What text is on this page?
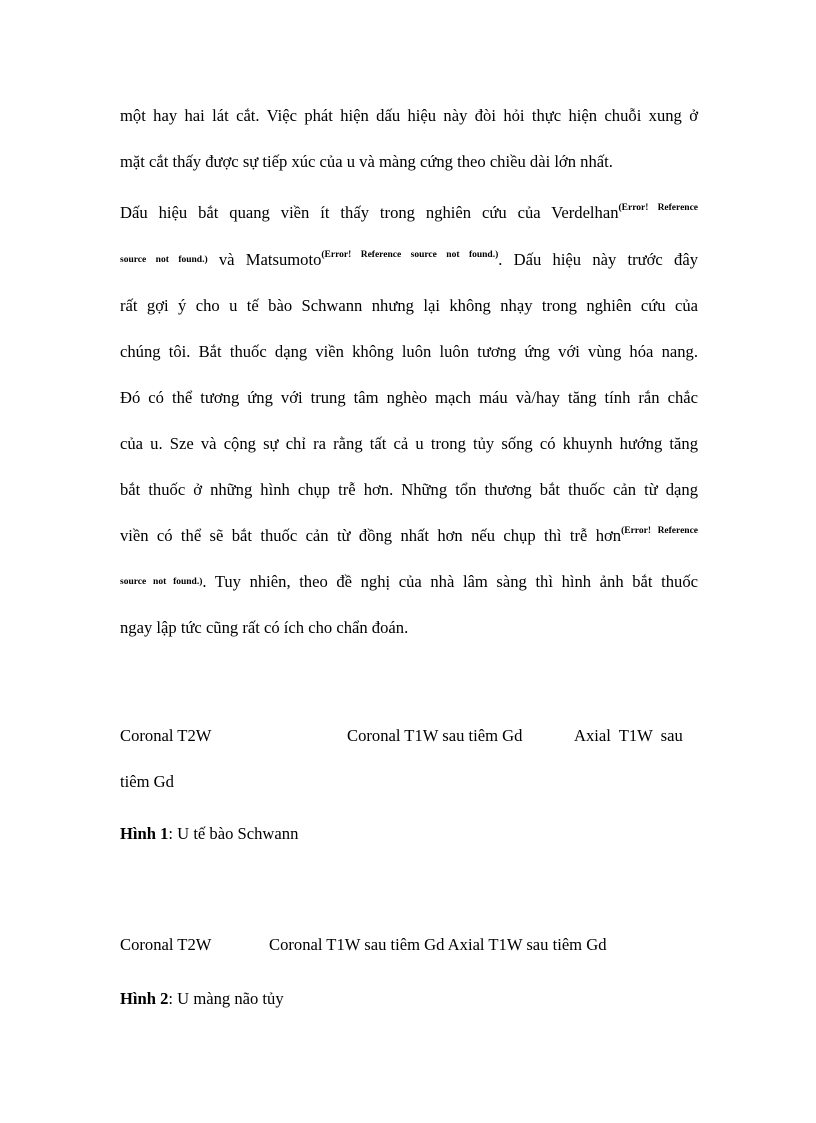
một hay hai lát cắt. Việc phát hiện dấu hiệu này đòi hỏi thực hiện chuỗi xung ở
mặt cắt thấy được sự tiếp xúc của u và màng cứng theo chiều dài lớn nhất.
Dấu hiệu bắt quang viền ít thấy trong nghiên cứu của Verdelhan$^{(Error! Reference}$
source not found.) và Matsumoto$^{(Error! Reference source not found.)}$. Dấu hiệu này trước đây
rất gợi ý cho u tế bào Schwann nhưng lại không nhạy trong nghiên cứu của
chúng tôi. Bắt thuốc dạng viền không luôn luôn tương ứng với vùng hóa nang.
Đó có thể tương ứng với trung tâm nghèo mạch máu và/hay tăng tính rắn chắc
của u. Sze và cộng sự chỉ ra rằng tất cả u trong tủy sống có khuynh hướng tăng
bắt thuốc ở những hình chụp trễ hơn. Những tổn thương bắt thuốc cản từ dạng
viền có thể sẽ bắt thuốc cản từ đồng nhất hơn nếu chụp thì trễ hơn$^{(Error! Reference}$
source not found.). Tuy nhiên, theo đề nghị của nhà lâm sàng thì hình ảnh bắt thuốc
ngay lập tức cũng rất có ích cho chẩn đoán.
Coronal T2W	Coronal T1W sau tiêm Gd	Axial T1W sau
tiêm Gd
Hình 1: U tế bào Schwann
Coronal T2W	Coronal T1W sau tiêm Gd Axial T1W sau tiêm Gd
Hình 2: U màng não tủy
